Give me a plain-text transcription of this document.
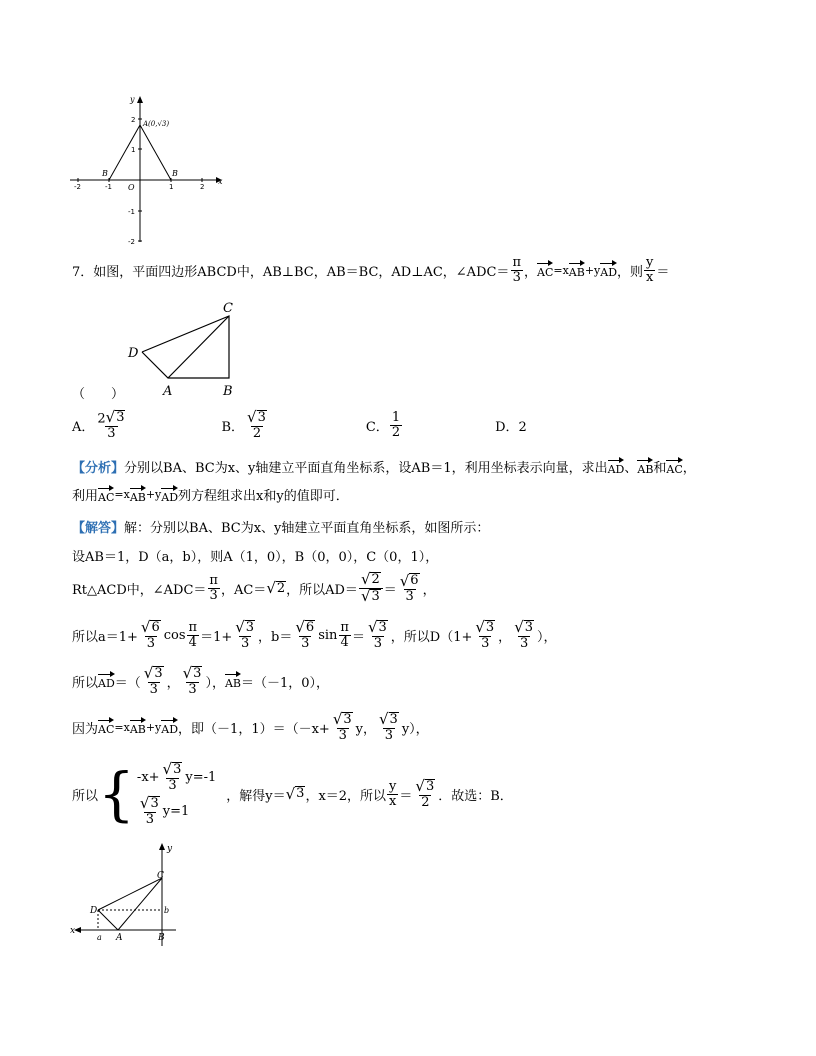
y
x
O
A(0,√3)
B	B
-2	-1	1	2
2
1
-1
-2
7．如图，平面四边形ABCD中，AB⊥BC，AB＝BC，AD⊥AC，∠ADC＝ $\frac{\pi}{3}$ ， AC =x AB +y AD ，则 $\frac{y}{x}$ ＝
C
D
A	B
（　　）
A． $\frac{2 √ 3}{3}$	B． $\frac{√ 3}{2}$	C． $\frac{1}{2}$	D．2
【分析】 分别以BA、BC为x、y轴建立平面直角坐标系，设AB＝1，利用坐标表示向量，求出 AD 、 AB 和 AC ，
利用 AC =x AB +y AD 列方程组求出x和y的值即可．
【解答】 解：分别以BA、BC为x、y轴建立平面直角坐标系，如图所示：
设AB＝1，D（a，b），则A（1，0），B（0，0），C（0，1），
Rt△ACD中，∠ADC＝ $\frac{\pi}{3}$ ，AC＝ √ 2 ，所以$AD= \frac{√ 2}{√ 3} = \frac{√ 6}{3}$ ，
所以$a=1+ \frac{√ 6}{3}$ $\cos \frac{\pi}{4} =1+ \frac{√ 3}{3}$ ，$b= \frac{√ 6}{3}$ $\sin \frac{\pi}{4} = \frac{√ 3}{3}$ ，所以$D(1+ \frac{√ 3}{3}$ ， $\frac{√ 3}{3}$ ），
所以 AD ＝（ $\frac{√ 3}{3}$ ， $\frac{√ 3}{3}$ ）， AB ＝（－1，0），
因为 AC =x AB +y AD ，即（－1，$1)=(-x+ \frac{√ 3}{3}$ y， $\frac{√ 3}{3} y$），
所以 { $-x+ \frac{√ 3}{3} y=-1$
$\frac{√ 3}{3} y=1$
，解得y＝ √ 3 ，x＝2，所以 $\frac{y}{x} = \frac{√ 3}{2}$ ．故选：B．
y
x
C
D	b
a A	B
